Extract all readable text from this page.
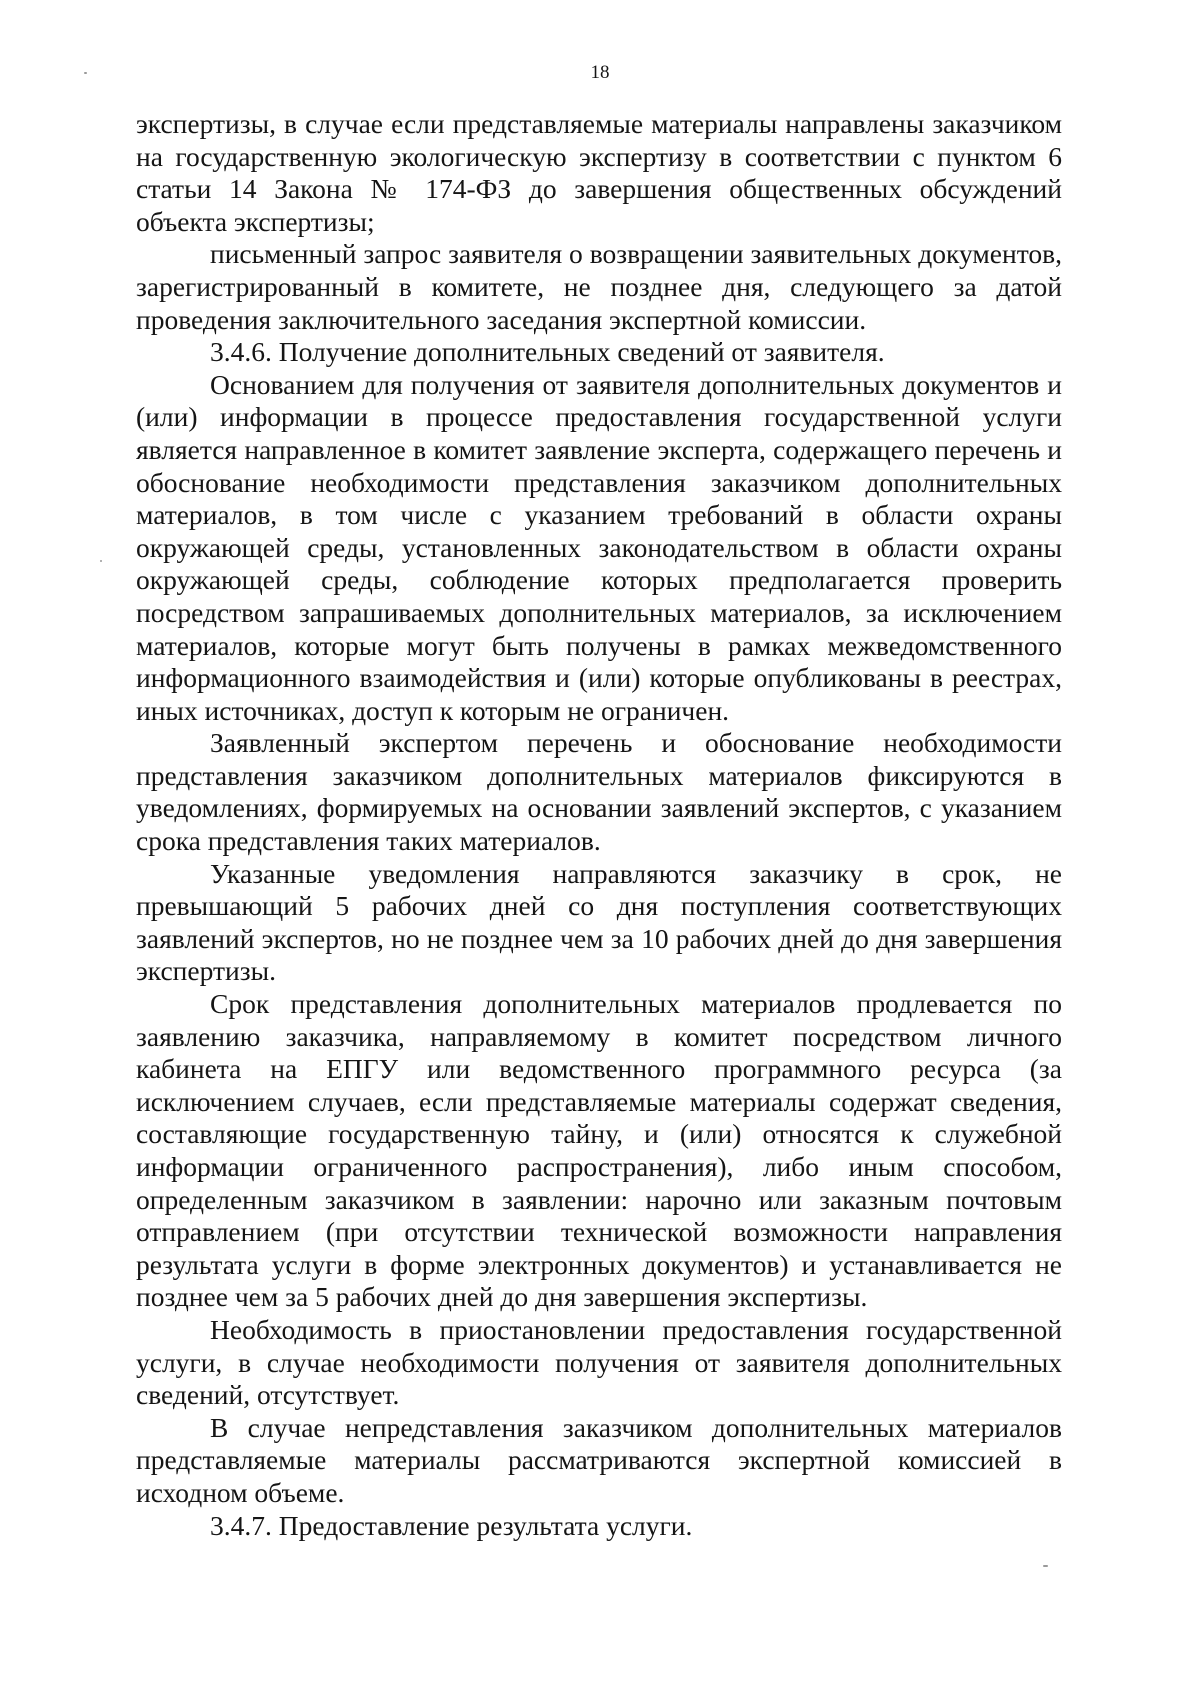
18

экспертизы, в случае если представляемые материалы направлены заказчиком на государственную экологическую экспертизу в соответствии с пунктом 6 статьи 14 Закона № 174-ФЗ до завершения общественных обсуждений объекта экспертизы;

письменный запрос заявителя о возвращении заявительных документов, зарегистрированный в комитете, не позднее дня, следующего за датой проведения заключительного заседания экспертной комиссии.

3.4.6. Получение дополнительных сведений от заявителя.

Основанием для получения от заявителя дополнительных документов и (или) информации в процессе предоставления государственной услуги является направленное в комитет заявление эксперта, содержащего перечень и обоснование необходимости представления заказчиком дополнительных материалов, в том числе с указанием требований в области охраны окружающей среды, установленных законодательством в области охраны окружающей среды, соблюдение которых предполагается проверить посредством запрашиваемых дополнительных материалов, за исключением материалов, которые могут быть получены в рамках межведомственного информационного взаимодействия и (или) которые опубликованы в реестрах, иных источниках, доступ к которым не ограничен.

Заявленный экспертом перечень и обоснование необходимости представления заказчиком дополнительных материалов фиксируются в уведомлениях, формируемых на основании заявлений экспертов, с указанием срока представления таких материалов.

Указанные уведомления направляются заказчику в срок, не превышающий 5 рабочих дней со дня поступления соответствующих заявлений экспертов, но не позднее чем за 10 рабочих дней до дня завершения экспертизы.

Срок представления дополнительных материалов продлевается по заявлению заказчика, направляемому в комитет посредством личного кабинета на ЕПГУ или ведомственного программного ресурса (за исключением случаев, если представляемые материалы содержат сведения, составляющие государственную тайну, и (или) относятся к служебной информации ограниченного распространения), либо иным способом, определенным заказчиком в заявлении: нарочно или заказным почтовым отправлением (при отсутствии технической возможности направления результата услуги в форме электронных документов) и устанавливается не позднее чем за 5 рабочих дней до дня завершения экспертизы.

Необходимость в приостановлении предоставления государственной услуги, в случае необходимости получения от заявителя дополнительных сведений, отсутствует.

В случае непредставления заказчиком дополнительных материалов представляемые материалы рассматриваются экспертной комиссией в исходном объеме.

3.4.7. Предоставление результата услуги.
